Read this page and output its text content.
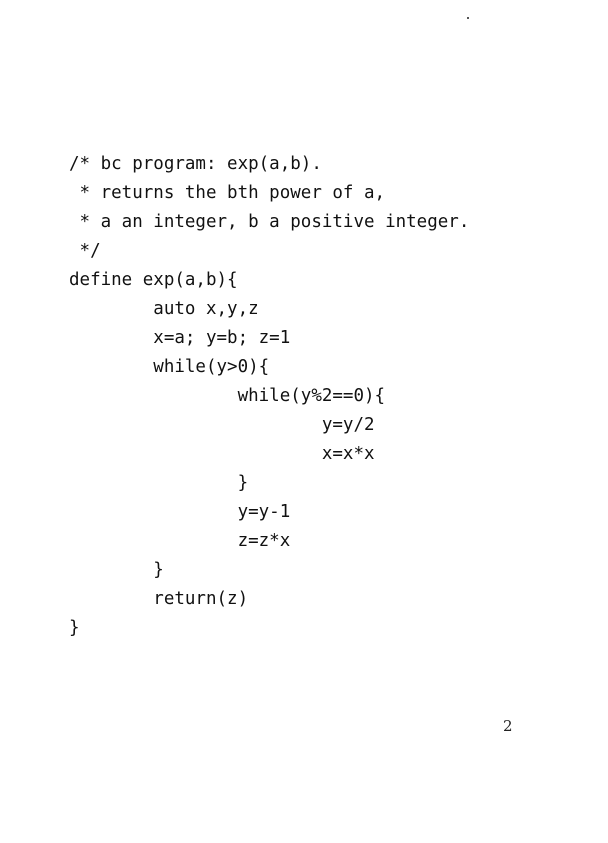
/* bc program: exp(a,b).
* returns the bth power of a,
* a an integer, b a positive integer.
*/
define exp(a,b){
auto x,y,z
x=a; y=b; z=1
while(y>0){
while(y%2==0){
y=y/2
x=x*x
}
y=y-1
z=z*x
}
return(z)
}
2
